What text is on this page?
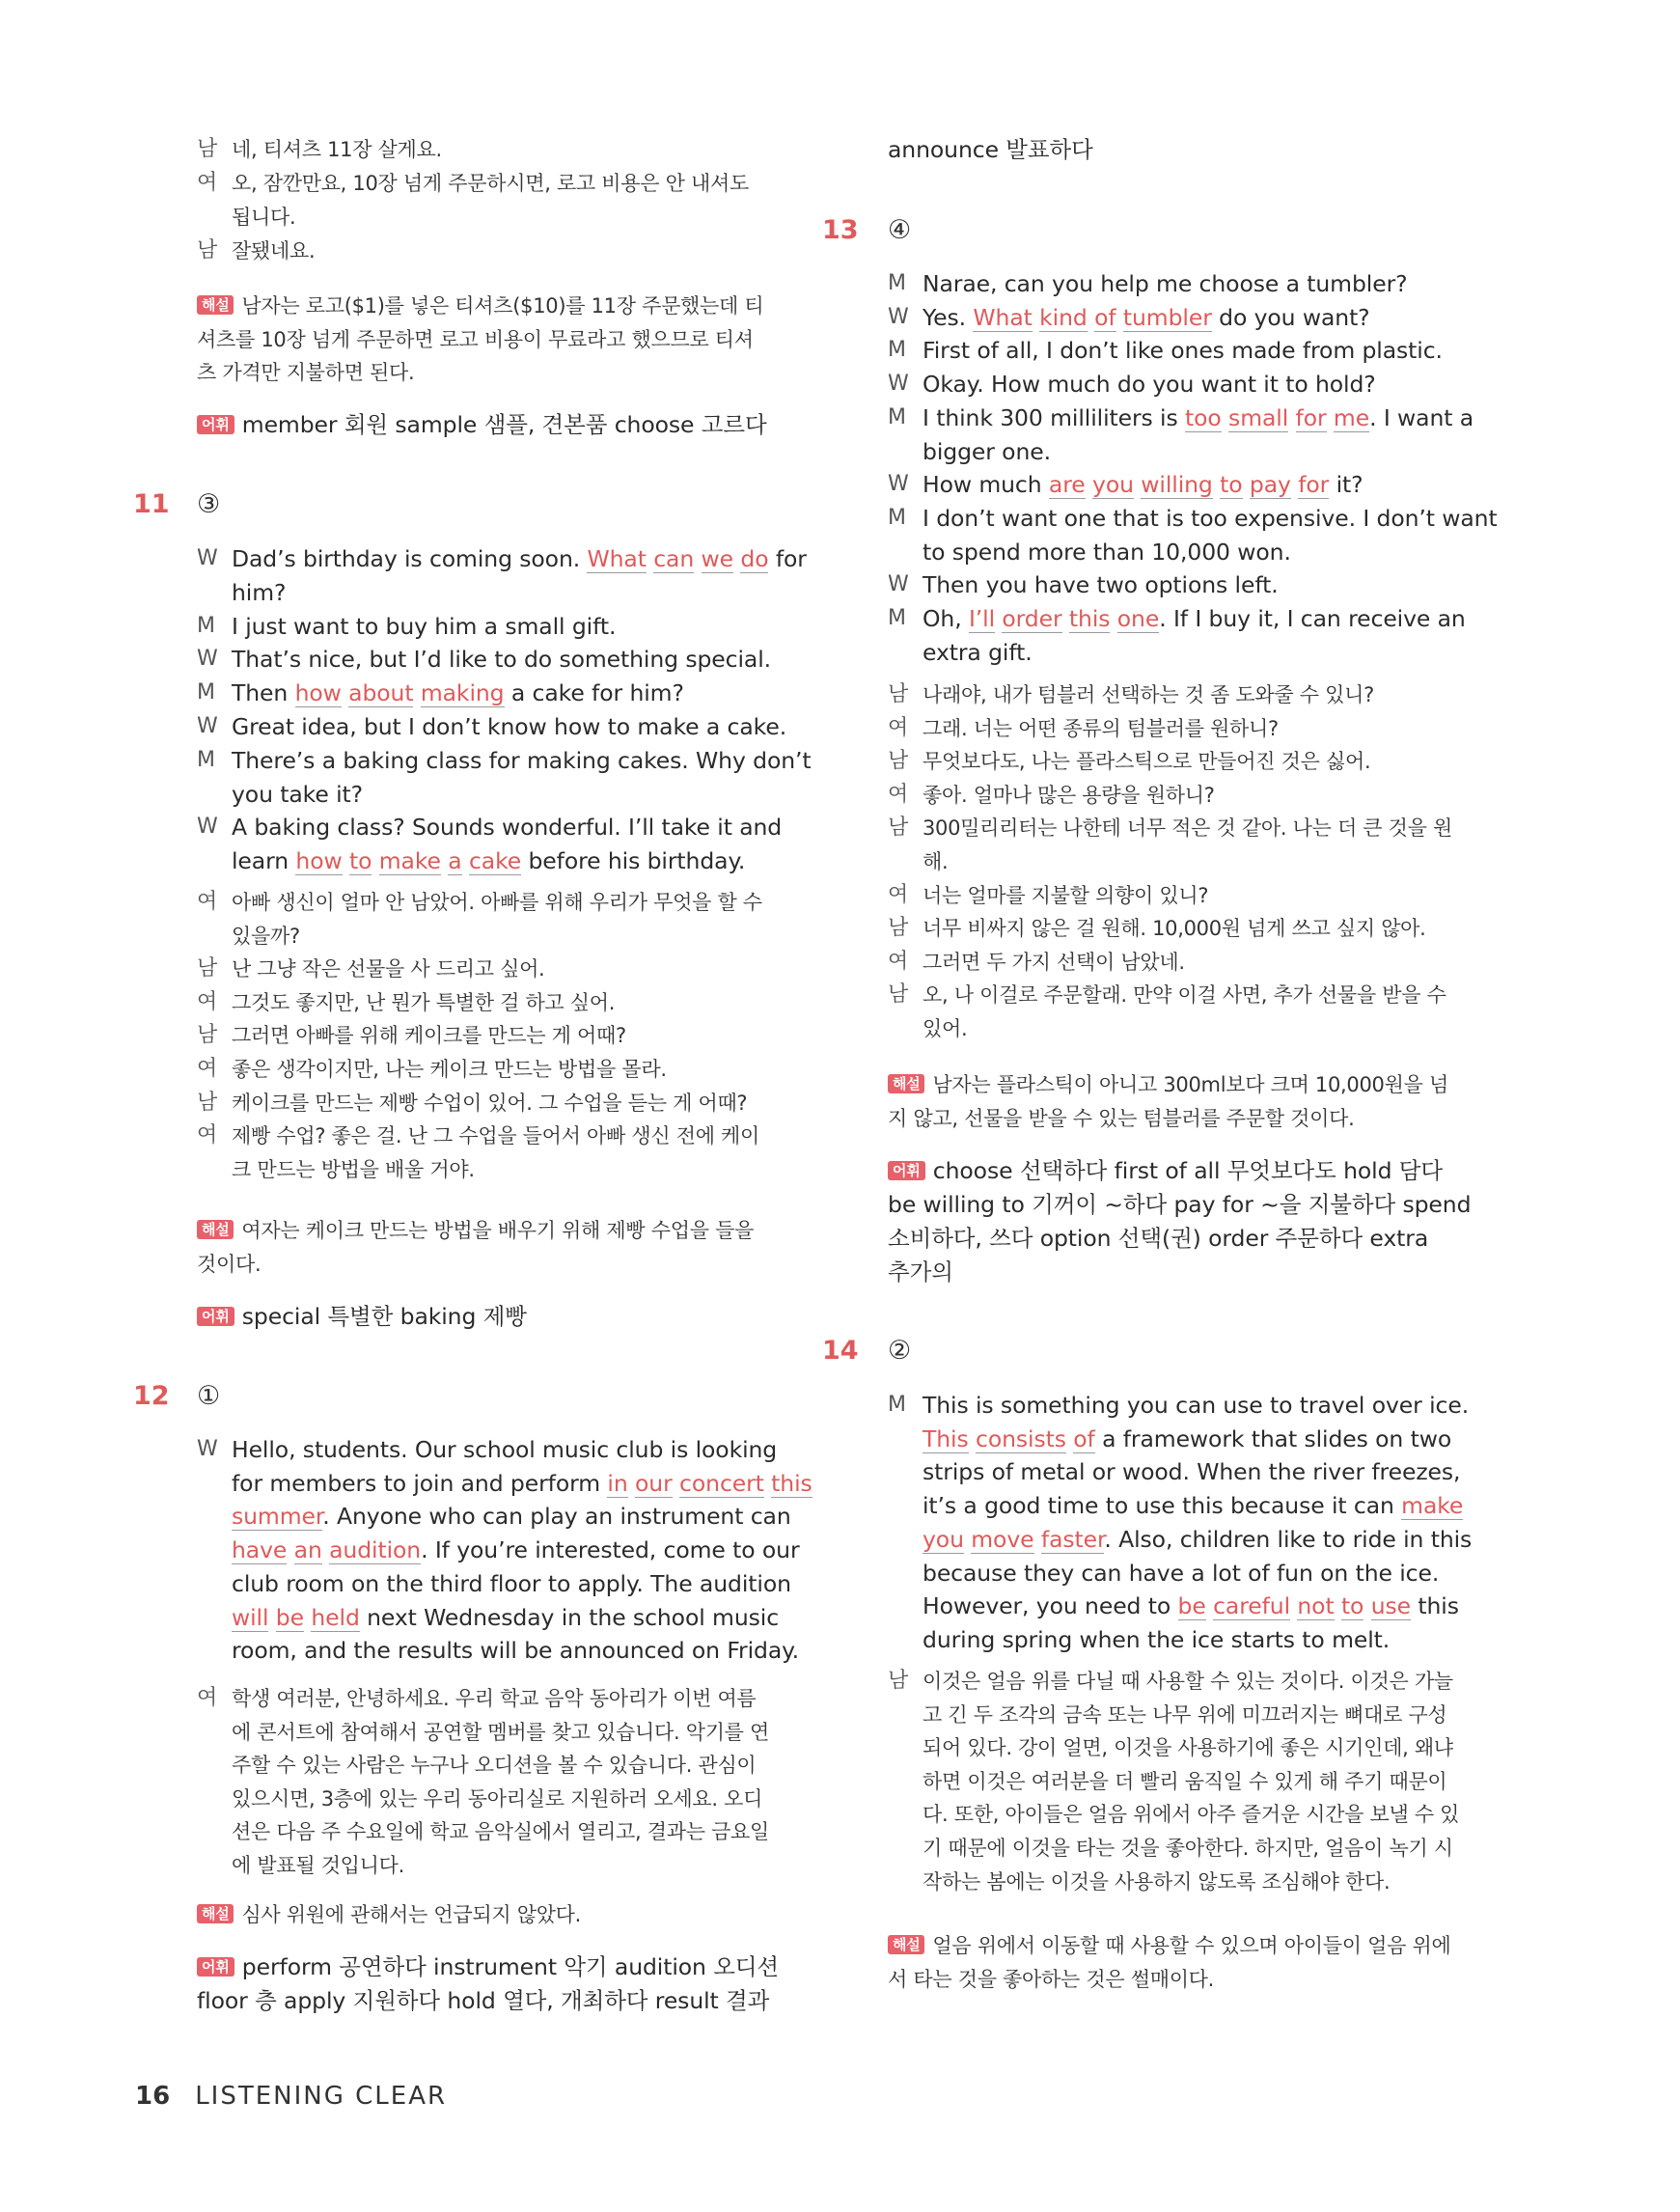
남 네, 티셔츠 11장 살게요.
여 오, 잠깐만요, 10장 넘게 주문하시면, 로고 비용은 안 내셔도
됩니다.
남 잘됐네요.
해설 남자는 로고($1)를 넣은 티셔츠($10)를 11장 주문했는데 티
셔츠를 10장 넘게 주문하면 로고 비용이 무료라고 했으므로 티셔
츠 가격만 지불하면 된다.
어휘 member 회원 sample 샘플, 견본품 choose 고르다
11 ③
W Dad’s birthday is coming soon. What can we do for
him?
M I just want to buy him a small gift.
W That’s nice, but I’d like to do something special.
M Then how about making a cake for him?
W Great idea, but I don’t know how to make a cake.
M There’s a baking class for making cakes. Why don’t
you take it?
W A baking class? Sounds wonderful. I’ll take it and
learn how to make a cake before his birthday.
여 아빠 생신이 얼마 안 남았어. 아빠를 위해 우리가 무엇을 할 수
있을까?
남 난 그냥 작은 선물을 사 드리고 싶어.
여 그것도 좋지만, 난 뭔가 특별한 걸 하고 싶어.
남 그러면 아빠를 위해 케이크를 만드는 게 어때?
여 좋은 생각이지만, 나는 케이크 만드는 방법을 몰라.
남 케이크를 만드는 제빵 수업이 있어. 그 수업을 듣는 게 어때?
여 제빵 수업? 좋은 걸. 난 그 수업을 들어서 아빠 생신 전에 케이
크 만드는 방법을 배울 거야.
해설 여자는 케이크 만드는 방법을 배우기 위해 제빵 수업을 들을
것이다.
어휘 special 특별한 baking 제빵
12 ①
W Hello, students. Our school music club is looking
for members to join and perform in our concert this
summer. Anyone who can play an instrument can
have an audition. If you’re interested, come to our
club room on the third floor to apply. The audition
will be held next Wednesday in the school music
room, and the results will be announced on Friday.
여 학생 여러분, 안녕하세요. 우리 학교 음악 동아리가 이번 여름
에 콘서트에 참여해서 공연할 멤버를 찾고 있습니다. 악기를 연
주할 수 있는 사람은 누구나 오디션을 볼 수 있습니다. 관심이
있으시면, 3층에 있는 우리 동아리실로 지원하러 오세요. 오디
션은 다음 주 수요일에 학교 음악실에서 열리고, 결과는 금요일
에 발표될 것입니다.
해설 심사 위원에 관해서는 언급되지 않았다.
어휘 perform 공연하다 instrument 악기 audition 오디션
floor 층 apply 지원하다 hold 열다, 개최하다 result 결과
announce 발표하다
13 ④
M Narae, can you help me choose a tumbler?
W Yes. What kind of tumbler do you want?
M First of all, I don’t like ones made from plastic.
W Okay. How much do you want it to hold?
M I think 300 milliliters is too small for me. I want a
bigger one.
W How much are you willing to pay for it?
M I don’t want one that is too expensive. I don’t want
to spend more than 10,000 won.
W Then you have two options left.
M Oh, I’ll order this one. If I buy it, I can receive an
extra gift.
남 나래야, 내가 텀블러 선택하는 것 좀 도와줄 수 있니?
여 그래. 너는 어떤 종류의 텀블러를 원하니?
남 무엇보다도, 나는 플라스틱으로 만들어진 것은 싫어.
여 좋아. 얼마나 많은 용량을 원하니?
남 300밀리리터는 나한테 너무 적은 것 같아. 나는 더 큰 것을 원
해.
여 너는 얼마를 지불할 의향이 있니?
남 너무 비싸지 않은 걸 원해. 10,000원 넘게 쓰고 싶지 않아.
여 그러면 두 가지 선택이 남았네.
남 오, 나 이걸로 주문할래. 만약 이걸 사면, 추가 선물을 받을 수
있어.
해설 남자는 플라스틱이 아니고 300ml보다 크며 10,000원을 넘
지 않고, 선물을 받을 수 있는 텀블러를 주문할 것이다.
어휘 choose 선택하다 first of all 무엇보다도 hold 담다
be willing to 기꺼이 ~하다 pay for ~을 지불하다 spend
소비하다, 쓰다 option 선택(권) order 주문하다 extra
추가의
14 ②
M This is something you can use to travel over ice.
This consists of a framework that slides on two
strips of metal or wood. When the river freezes,
it’s a good time to use this because it can make
you move faster. Also, children like to ride in this
because they can have a lot of fun on the ice.
However, you need to be careful not to use this
during spring when the ice starts to melt.
남 이것은 얼음 위를 다닐 때 사용할 수 있는 것이다. 이것은 가늘
고 긴 두 조각의 금속 또는 나무 위에 미끄러지는 뼈대로 구성
되어 있다. 강이 얼면, 이것을 사용하기에 좋은 시기인데, 왜냐
하면 이것은 여러분을 더 빨리 움직일 수 있게 해 주기 때문이
다. 또한, 아이들은 얼음 위에서 아주 즐거운 시간을 보낼 수 있
기 때문에 이것을 타는 것을 좋아한다. 하지만, 얼음이 녹기 시
작하는 봄에는 이것을 사용하지 않도록 조심해야 한다.
해설 얼음 위에서 이동할 때 사용할 수 있으며 아이들이 얼음 위에
서 타는 것을 좋아하는 것은 썰매이다.
16 LISTENING CLEAR
